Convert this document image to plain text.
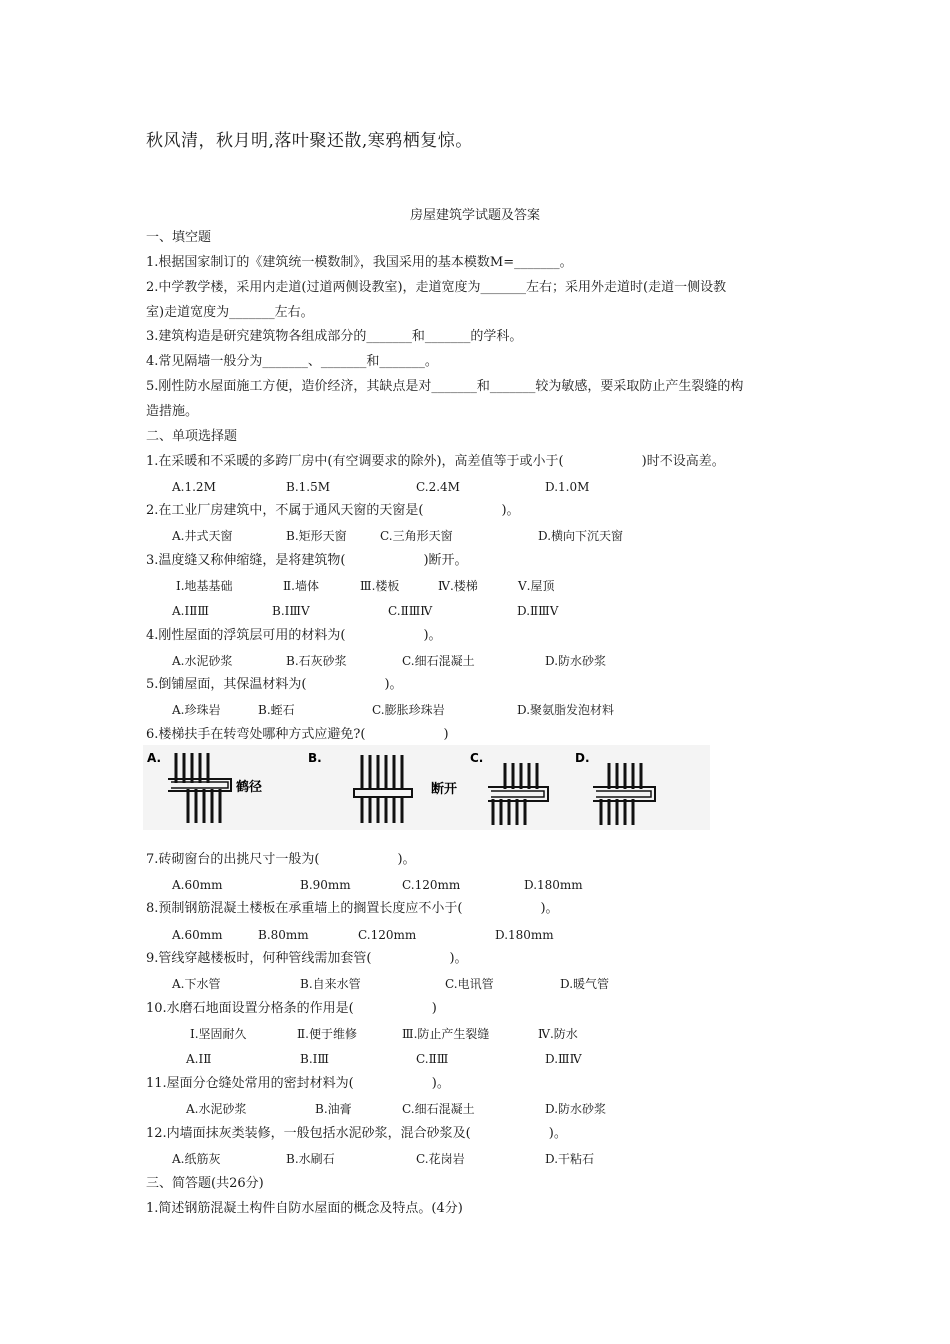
秋风清，秋月明,落叶聚还散,寒鸦栖复惊。
房屋建筑学试题及答案
一、填空题
1.根据国家制订的《建筑统一模数制》，我国采用的基本模数M=_______。
2.中学教学楼，采用内走道(过道两侧设教室)，走道宽度为_______左右；采用外走道时(走道一侧设教
室)走道宽度为_______左右。
3.建筑构造是研究建筑物各组成部分的_______和_______的学科。
4.常见隔墙一般分为_______、_______和_______。
5.刚性防水屋面施工方便，造价经济，其缺点是对_______和_______较为敏感，要采取防止产生裂缝的构
造措施。
二、单项选择题
1.在采暖和不采暖的多跨厂房中(有空调要求的除外)，高差值等于或小于(　　　　　　)时不设高差。
2.在工业厂房建筑中，不属于通风天窗的天窗是(　　　　　　)。
3.温度缝又称伸缩缝，是将建筑物(　　　　　　)断开。
4.刚性屋面的浮筑层可用的材料为(　　　　　　)。
5.倒铺屋面，其保温材料为(　　　　　　)。
6.楼梯扶手在转弯处哪种方式应避免?(　　　　　　)
7.砖砌窗台的出挑尺寸一般为(　　　　　　)。
8.预制钢筋混凝土楼板在承重墙上的搁置长度应不小于(　　　　　　)。
9.管线穿越楼板时，何种管线需加套管(　　　　　　)。
10.水磨石地面设置分格条的作用是(　　　　　　)
11.屋面分仓缝处常用的密封材料为(　　　　　　)。
12.内墙面抹灰类装修，一般包括水泥砂浆，混合砂浆及(　　　　　　)。
三、简答题(共26分)
1.简述钢筋混凝土构件自防水屋面的概念及特点。(4分)
A.1.2M	B.1.5M	C.2.4M	D.1.0M
A.井式天窗	B.矩形天窗	C.三角形天窗	D.横向下沉天窗
Ⅰ.地基基础	Ⅱ.墙体	Ⅲ.楼板	Ⅳ.楼梯	Ⅴ.屋顶
A.ⅠⅡⅢ	B.ⅠⅢⅤ	C.ⅡⅢⅣ	D.ⅡⅢⅤ
A.水泥砂浆	B.石灰砂浆	C.细石混凝土	D.防水砂浆
A.珍珠岩	B.蛭石	C.膨胀珍珠岩	D.聚氨脂发泡材料
A.60mm	B.90mm	C.120mm	D.180mm
A.60mm	B.80mm	C.120mm	D.180mm
A.下水管	B.自来水管	C.电讯管	D.暖气管
Ⅰ.坚固耐久	Ⅱ.便于维修	Ⅲ.防止产生裂缝	Ⅳ.防水
A.ⅠⅡ	B.ⅠⅢ	C.ⅡⅢ	D.ⅢⅣ
A.水泥砂浆	B.油膏	C.细石混凝土	D.防水砂浆
A.纸筋灰	B.水刷石	C.花岗岩	D.干粘石
A.
鹤径
B.
断开
C.	D.
